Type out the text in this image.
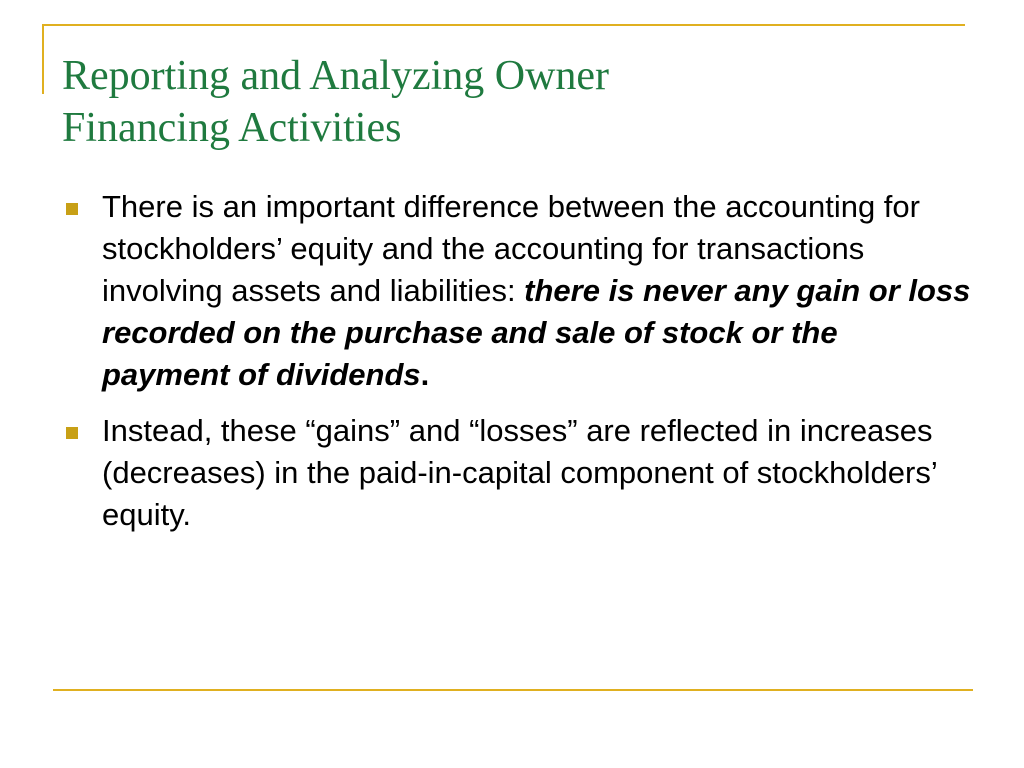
Reporting and Analyzing Owner
Financing Activities
There is an important difference between the accounting for stockholders’ equity and the accounting for transactions involving assets and liabilities: there is never any gain or loss recorded on the purchase and sale of stock or the payment of dividends.
Instead, these “gains” and “losses” are reflected in increases (decreases) in the paid-in-capital component of stockholders’ equity.
